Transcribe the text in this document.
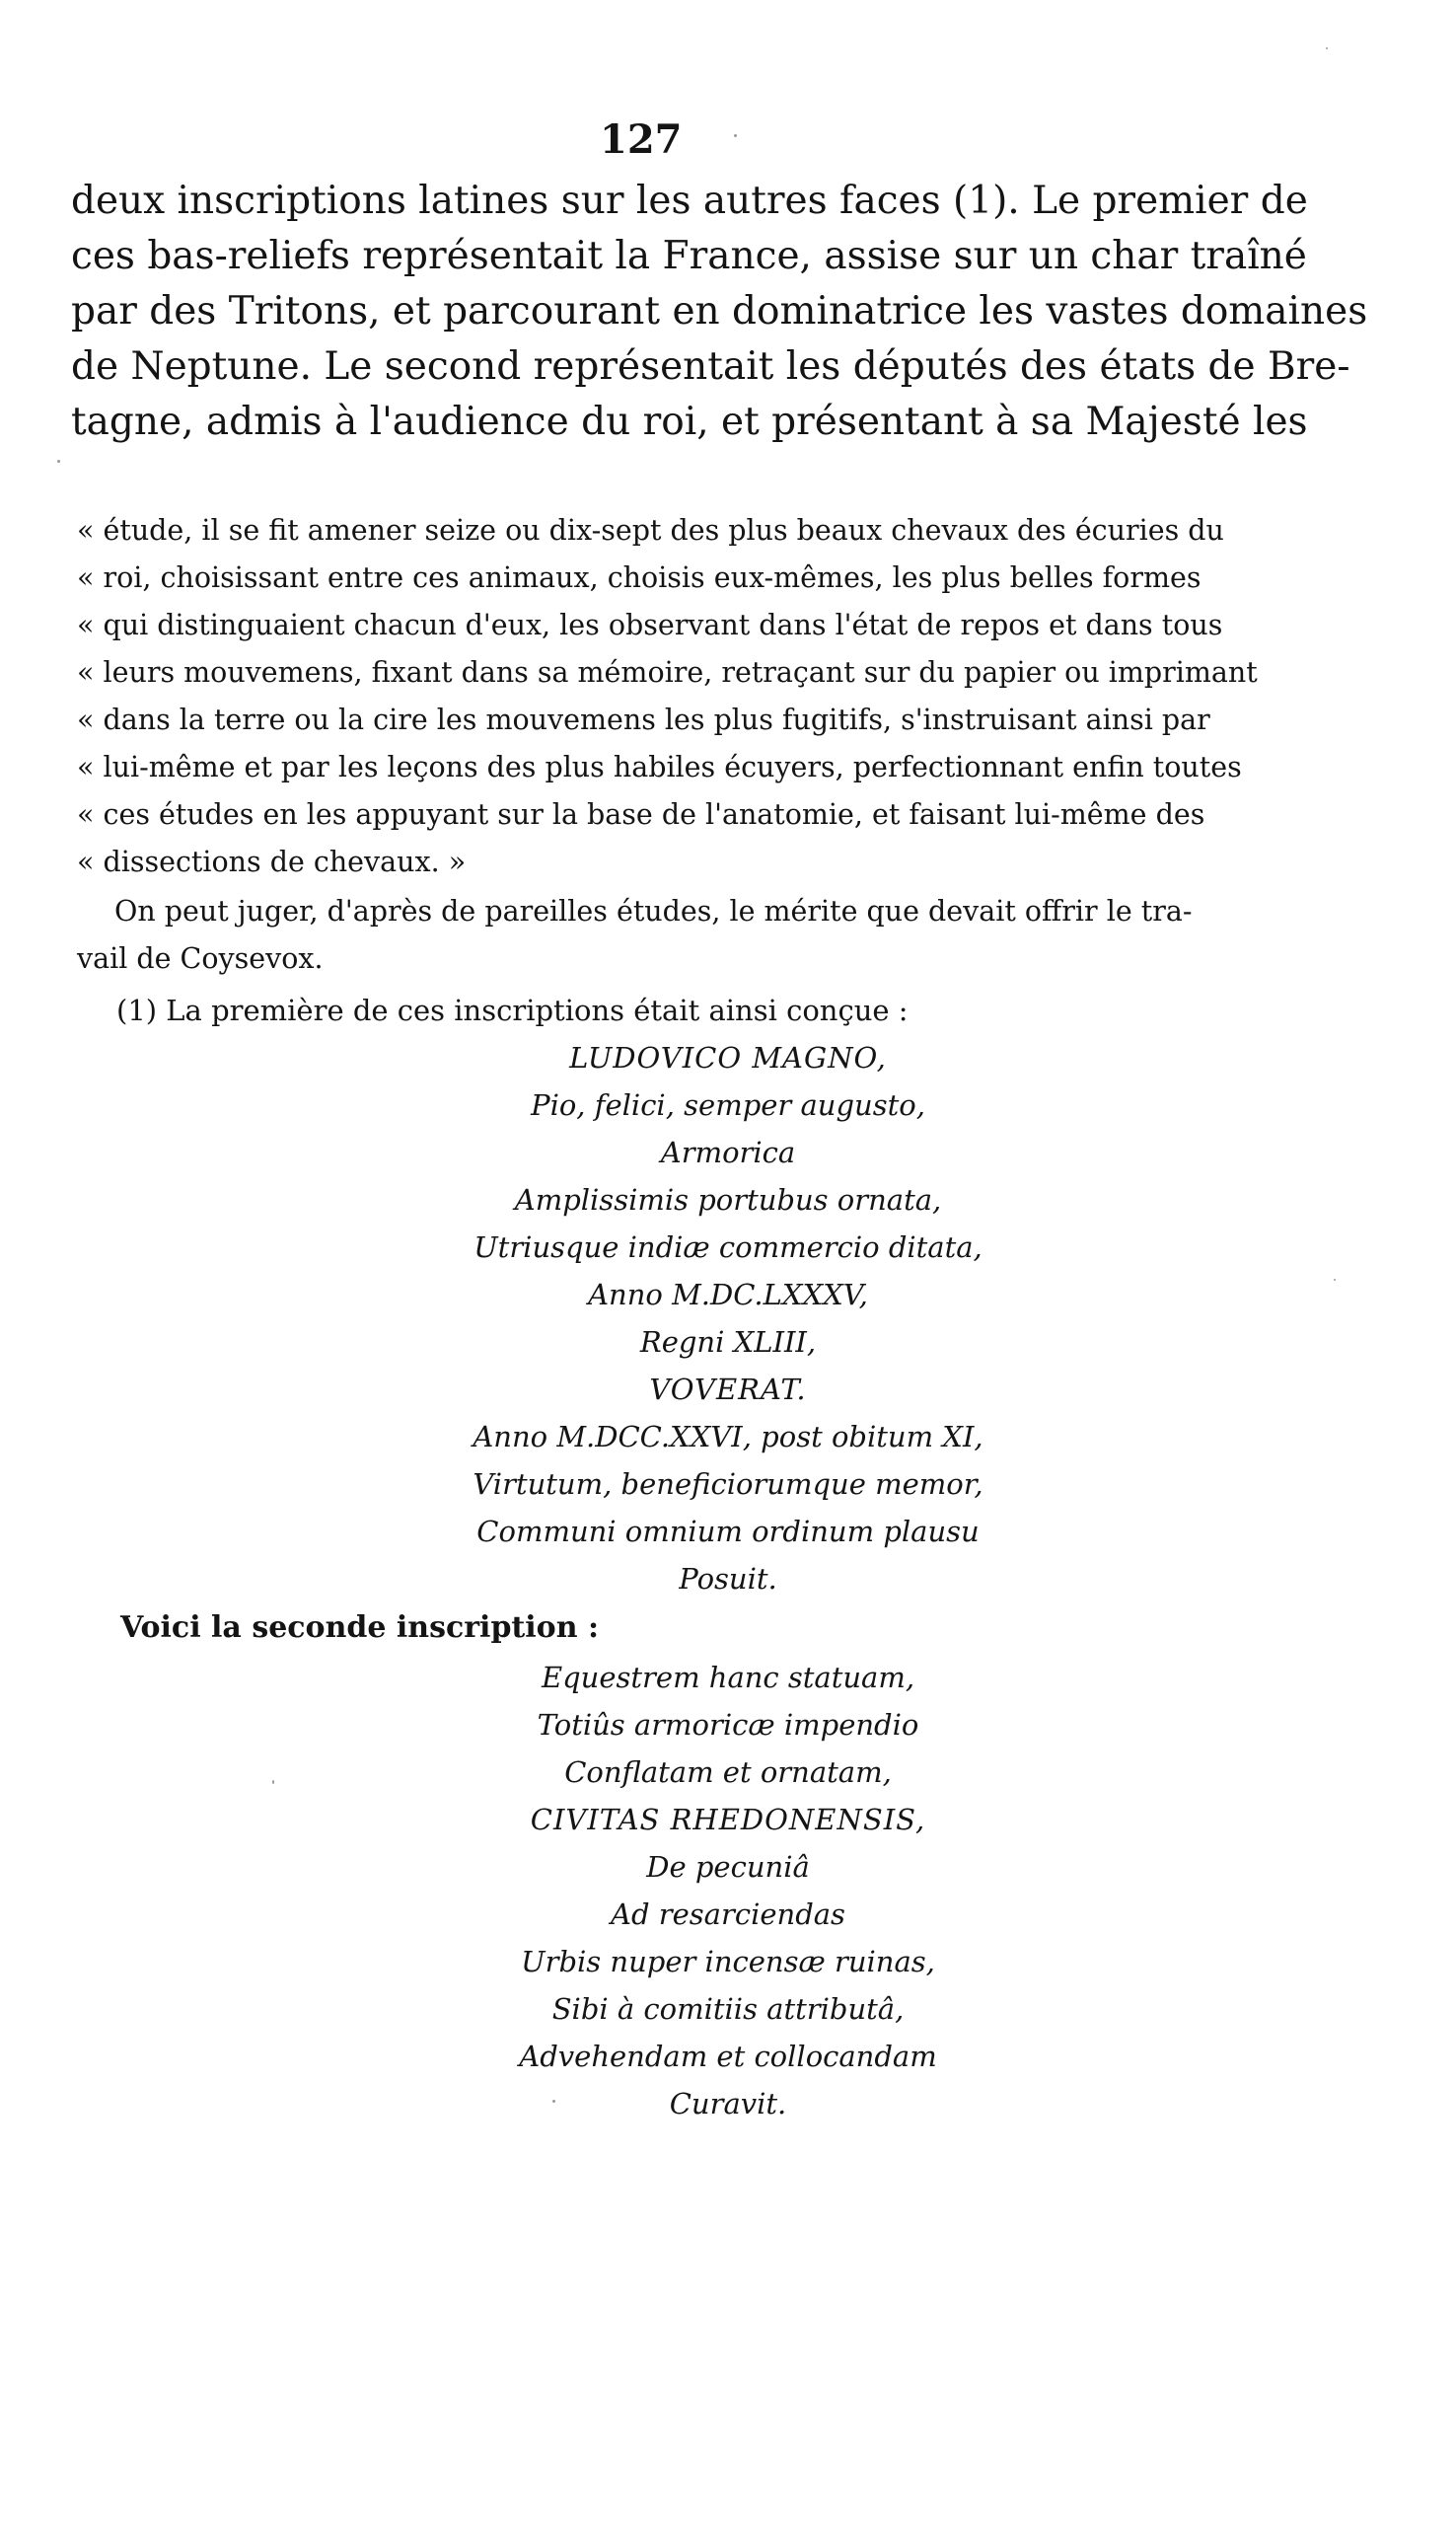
127
deux inscriptions latines sur les autres faces (1). Le premier de
ces bas-reliefs représentait la France, assise sur un char traîné
par des Tritons, et parcourant en dominatrice les vastes domaines
de Neptune. Le second représentait les députés des états de Bre-
tagne, admis à l'audience du roi, et présentant à sa Majesté les
« étude, il se fit amener seize ou dix-sept des plus beaux chevaux des écuries du
« roi, choisissant entre ces animaux, choisis eux-mêmes, les plus belles formes
« qui distinguaient chacun d'eux, les observant dans l'état de repos et dans tous
« leurs mouvemens, fixant dans sa mémoire, retraçant sur du papier ou imprimant
« dans la terre ou la cire les mouvemens les plus fugitifs, s'instruisant ainsi par
« lui-même et par les leçons des plus habiles écuyers, perfectionnant enfin toutes
« ces études en les appuyant sur la base de l'anatomie, et faisant lui-même des
« dissections de chevaux. »
On peut juger, d'après de pareilles études, le mérite que devait offrir le tra-
vail de Coysevox.
(1) La première de ces inscriptions était ainsi conçue :
LUDOVICO MAGNO,
Pio, felici, semper augusto,
Armorica
Amplissimis portubus ornata,
Utriusque indiæ commercio ditata,
Anno M.DC.LXXXV,
Regni XLIII,
VOVERAT.
Anno M.DCC.XXVI, post obitum XI,
Virtutum, beneficiorumque memor,
Communi omnium ordinum plausu
Posuit.
Voici la seconde inscription :
Equestrem hanc statuam,
Totiûs armoricæ impendio
Conflatam et ornatam,
CIVITAS RHEDONENSIS,
De pecuniâ
Ad resarciendas
Urbis nuper incensæ ruinas,
Sibi à comitiis attributâ,
Advehendam et collocandam
Curavit.
